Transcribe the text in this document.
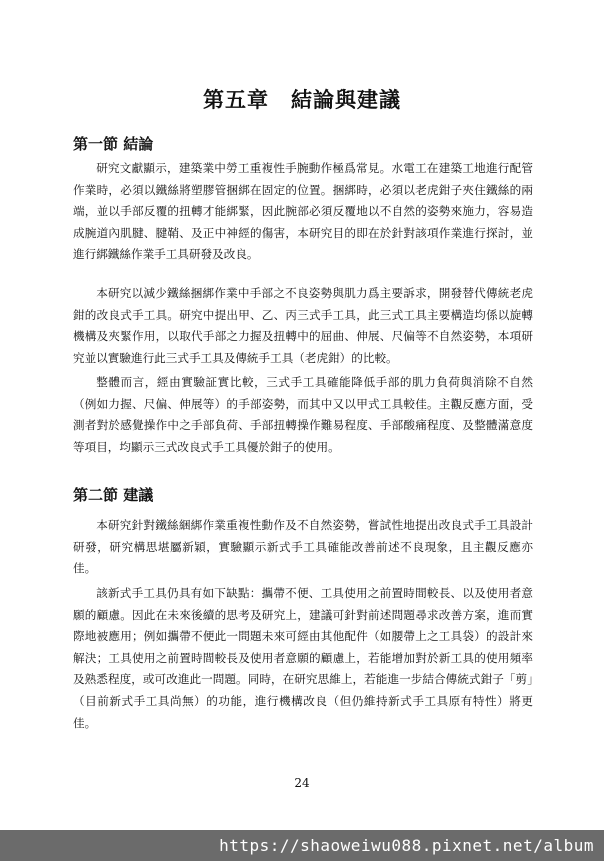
第五章　結論與建議
第一節 結論

研究文獻顯示，建築業中勞工重複性手腕動作極爲常見。水電工在建築工地進行配管作業時，必須以鐵絲將塑膠管捆綁在固定的位置。捆綁時，必須以老虎鉗子夾住鐵絲的兩端，並以手部反覆的扭轉才能綁緊，因此腕部必須反覆地以不自然的姿勢來施力，容易造成腕道內肌腱、腱鞘、及正中神經的傷害，本研究目的即在於針對該項作業進行探討，並進行綁鐵絲作業手工具研發及改良。

本研究以減少鐵絲捆綁作業中手部之不良姿勢與肌力爲主要訴求，開發替代傳統老虎鉗的改良式手工具。研究中提出甲、乙、丙三式手工具，此三式工具主要構造均係以旋轉機構及夾緊作用，以取代手部之力握及扭轉中的屈曲、伸展、尺偏等不自然姿勢，本項研究並以實驗進行此三式手工具及傳統手工具（老虎鉗）的比較。

整體而言，經由實驗証實比較，三式手工具確能降低手部的肌力負荷與消除不自然（例如力握、尺偏、伸展等）的手部姿勢，而其中又以甲式工具較佳。主觀反應方面，受測者對於感覺操作中之手部負荷、手部扭轉操作難易程度、手部酸痛程度、及整體滿意度等項目，均顯示三式改良式手工具優於鉗子的使用。

第二節 建議

本研究針對鐵絲綑綁作業重複性動作及不自然姿勢，嘗試性地提出改良式手工具設計研發，研究構思堪屬新穎，實驗顯示新式手工具確能改善前述不良現象，且主觀反應亦佳。

該新式手工具仍具有如下缺點：攜帶不便、工具使用之前置時間較長、以及使用者意願的顧慮。因此在未來後續的思考及研究上，建議可針對前述問題尋求改善方案，進而實際地被應用；例如攜帶不便此一問題未來可經由其他配件（如腰帶上之工具袋）的設計來解決；工具使用之前置時間較長及使用者意願的顧慮上，若能增加對於新工具的使用頻率及熟悉程度，或可改進此一問題。同時，在研究思維上，若能進一步結合傳統式鉗子「剪」（目前新式手工具尚無）的功能，進行機構改良（但仍維持新式手工具原有特性）將更佳。

24
https://shaoweiwu088.pixnet.net/album
